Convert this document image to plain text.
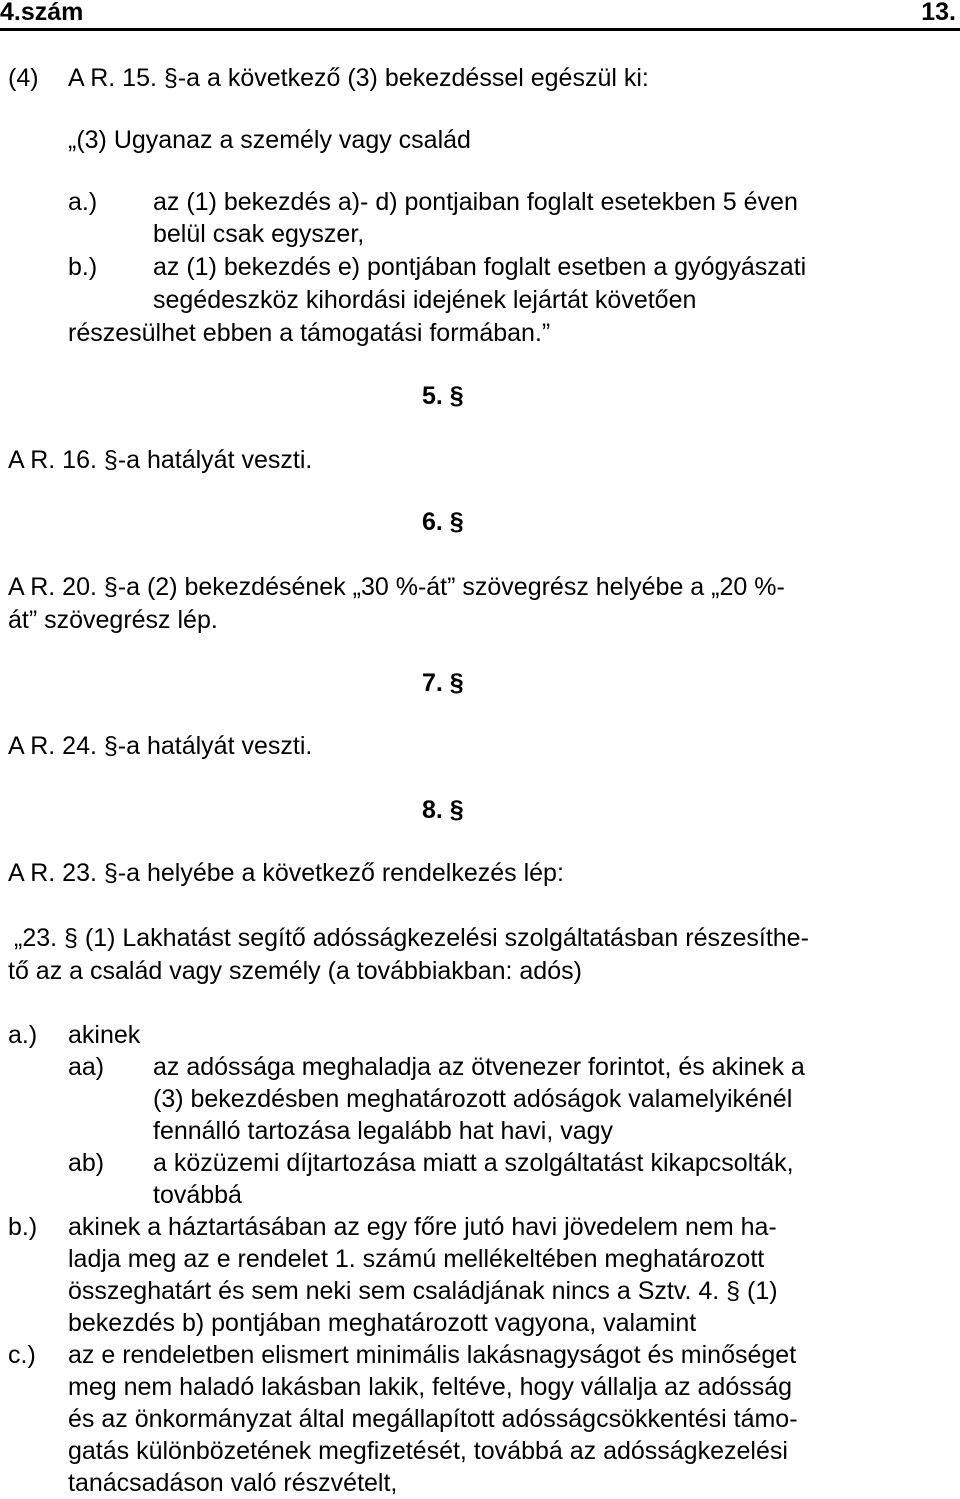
4.szám	13.
(4) A R. 15. §-a a következő (3) bekezdéssel egészül ki:
„(3) Ugyanaz a személy vagy család
a.) az (1) bekezdés a)- d) pontjaiban foglalt esetekben 5 éven
belül csak egyszer,
b.) az (1) bekezdés e) pontjában foglalt esetben a gyógyászati
segédeszköz kihordási idejének lejártát követően
részesülhet ebben a támogatási formában.”
5. §
A R. 16. §-a hatályát veszti.
6. §
A R. 20. §-a (2) bekezdésének „30 %-át” szövegrész helyébe a „20 %-
át” szövegrész lép.
7. §
A R. 24. §-a hatályát veszti.
8. §
A R. 23. §-a helyébe a következő rendelkezés lép:
„23. § (1) Lakhatást segítő adósságkezelési szolgáltatásban részesíthe-
tő az a család vagy személy (a továbbiakban: adós)
a.) akinek
aa) az adóssága meghaladja az ötvenezer forintot, és akinek a
(3) bekezdésben meghatározott adóságok valamelyikénél
fennálló tartozása legalább hat havi, vagy
ab) a közüzemi díjtartozása miatt a szolgáltatást kikapcsolták,
továbbá
b.) akinek a háztartásában az egy főre jutó havi jövedelem nem ha-
ladja meg az e rendelet 1. számú mellékeltében meghatározott
összeghatárt és sem neki sem családjának nincs a Sztv. 4. § (1)
bekezdés b) pontjában meghatározott vagyona, valamint
c.) az e rendeletben elismert minimális lakásnagyságot és minőséget
meg nem haladó lakásban lakik, feltéve, hogy vállalja az adósság
és az önkormányzat által megállapított adósságcsökkentési támo-
gatás különbözetének megfizetését, továbbá az adósságkezelési
tanácsadáson való részvételt,
